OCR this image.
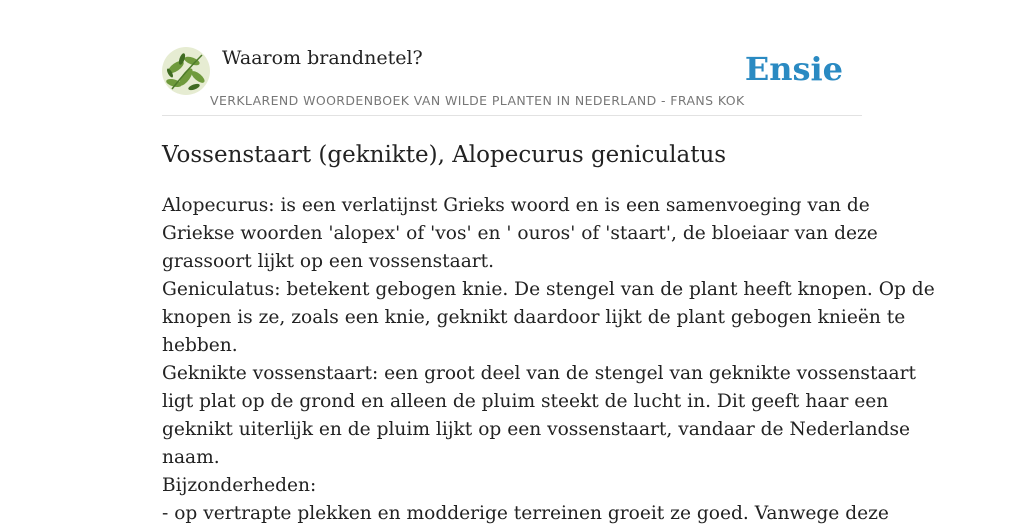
Waarom brandnetel?
VERKLAREND WOORDENBOEK VAN WILDE PLANTEN IN NEDERLAND - FRANS KOK
Ensie
Vossenstaart (geknikte), Alopecurus geniculatus

Alopecurus: is een verlatijnst Grieks woord en is een samenvoeging van de
Griekse woorden 'alopex' of 'vos' en ' ouros' of 'staart', de bloeiaar van deze
grassoort lijkt op een vossenstaart.

Geniculatus: betekent gebogen knie. De stengel van de plant heeft knopen. Op de
knopen is ze, zoals een knie, geknikt daardoor lijkt de plant gebogen knieën te
hebben.

Geknikte vossenstaart: een groot deel van de stengel van geknikte vossenstaart
ligt plat op de grond en alleen de pluim steekt de lucht in. Dit geeft haar een
geknikt uiterlijk en de pluim lijkt op een vossenstaart, vandaar de Nederlandse
naam.

Bijzonderheden:
- op vertrapte plekken en modderige terreinen groeit ze goed. Vanwege deze
